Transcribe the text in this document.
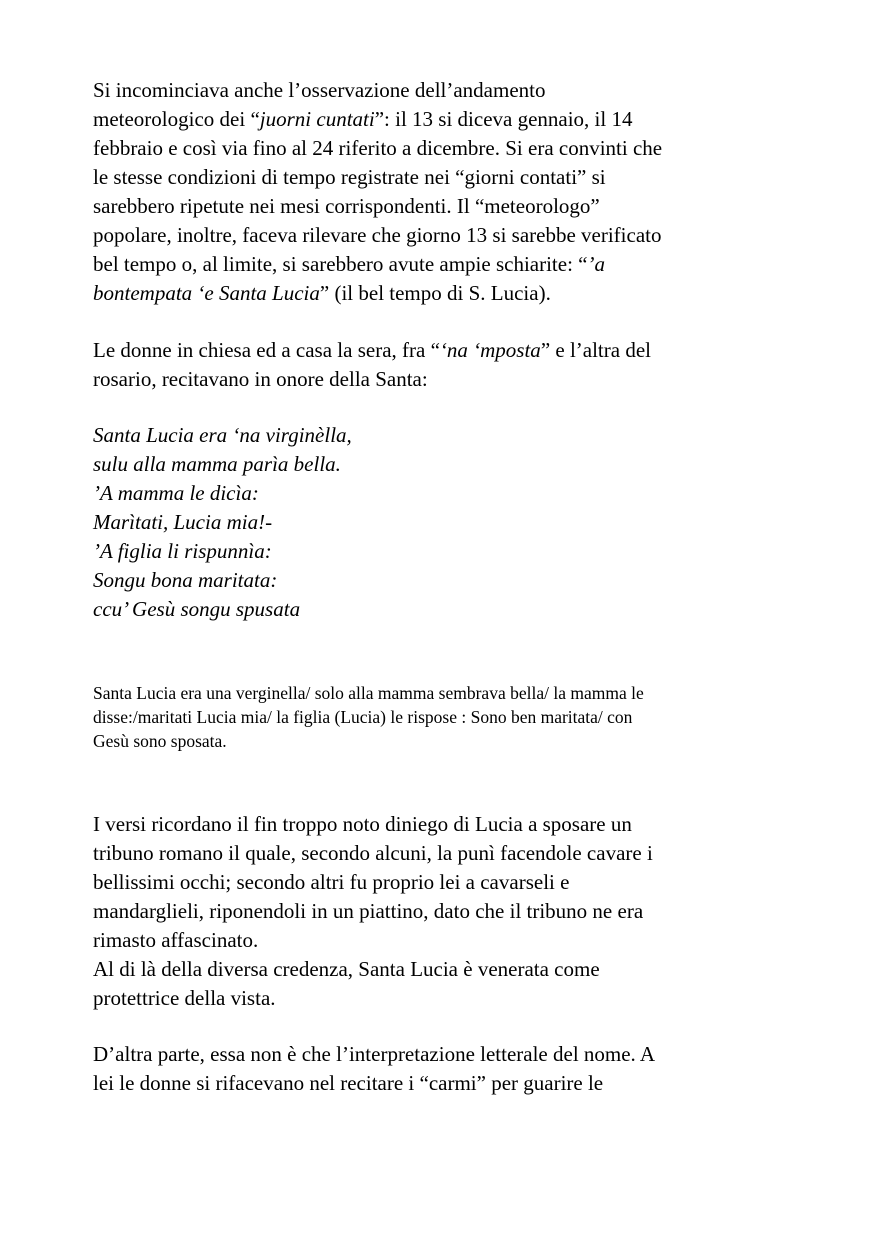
Si incominciava anche l’osservazione dell’andamento
meteorologico dei “juorni cuntati”: il 13 si diceva gennaio, il 14
febbraio e così via fino al 24 riferito a dicembre. Si era convinti che
le stesse condizioni di tempo registrate nei “giorni contati” si
sarebbero ripetute nei mesi corrispondenti. Il “meteorologo”
popolare, inoltre, faceva rilevare che giorno 13 si sarebbe verificato
bel tempo o, al limite, si sarebbero avute ampie schiarite: “’a
bontempata ‘e Santa Lucia” (il bel tempo di S. Lucia).
Le donne in chiesa ed a casa la sera, fra “‘na ‘mposta” e l’altra del
rosario, recitavano in onore della Santa:
Santa Lucia era ‘na virginèlla,
sulu alla mamma parìa bella.
’A mamma le dicìa:
Marìtati, Lucia mia!-
’A figlia li rispunnìa:
Songu bona maritata:
ccu’ Gesù songu spusata
Santa Lucia era una verginella/ solo alla mamma sembrava bella/ la mamma le
disse:/maritati Lucia mia/ la figlia (Lucia) le rispose : Sono ben maritata/ con
Gesù sono sposata.
I versi ricordano il fin troppo noto diniego di Lucia a sposare un
tribuno romano il quale, secondo alcuni, la punì facendole cavare i
bellissimi occhi; secondo altri fu proprio lei a cavarseli e
mandarglieli, riponendoli in un piattino, dato che il tribuno ne era
rimasto affascinato.
Al di là della diversa credenza, Santa Lucia è venerata come
protettrice della vista.
D’altra parte, essa non è che l’interpretazione letterale del nome. A
lei le donne si rifacevano nel recitare i “carmi” per guarire le
